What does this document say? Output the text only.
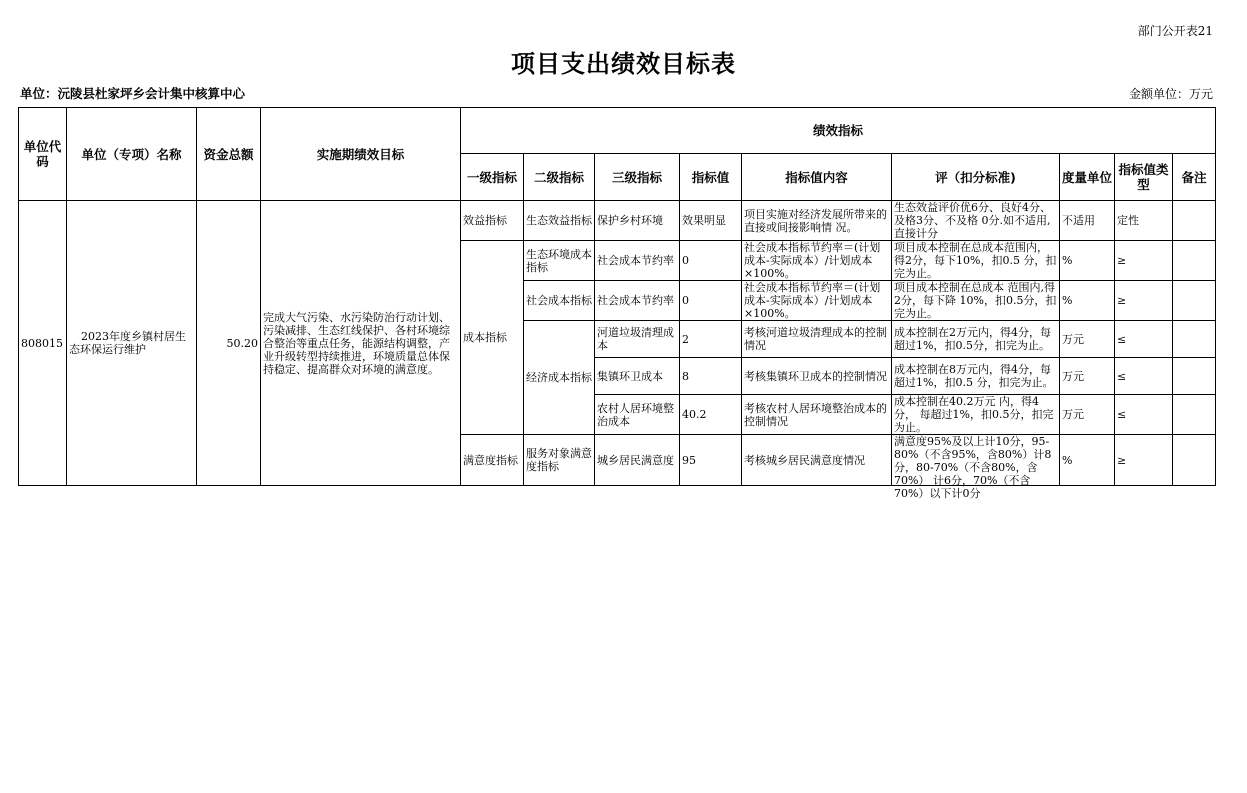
部门公开表21
项目支出绩效目标表
单位：沅陵县杜家坪乡会计集中核算中心	金额单位：万元
单位代码	单位（专项）名称	资金总额	实施期绩效目标	绩效指标								
				一级指标	二级指标	三级指标	指标值	指标值内容	评（扣分标准)	度量单位	指标值类型	备注
808015	2023年度乡镇村居生态环保运行维护	50.20	完成大气污染、水污染防治行动计划、污染减排、生态红线保护、各村环境综合整治等重点任务，能源结构调整，产业升级转型持续推进，环境质量总体保持稳定、提高群众对环境的满意度。	效益指标	生态效益指标	保护乡村环境	效果明显	项目实施对经济发展所带来的直接或间接影响情 况。	生态效益评价优6分、良好4分、及格3分、不及格 0分.如不适用,直接计分	不适用	定性	
				成本指标	生态环境成本指标	社会成本节约率	0	社会成本指标节约率＝(计划成本-实际成本）/计划成本×100%。	项目成本控制在总成本范围内，得2分，每下10%，扣0.5 分，扣完为止。	%	≥	
					社会成本指标	社会成本节约率	0	社会成本指标节约率＝(计划成本-实际成本）/计划成本×100%。	项目成本控制在总成本 范围内,得2分，每下降 10%，扣0.5分，扣完为止。	%	≥	
					经济成本指标	河道垃圾清理成本	2	考核河道垃圾清理成本的控制情况	成本控制在2万元内，得4分，每超过1%，扣0.5分，扣完为止。	万元	≤	
						集镇环卫成本	8	考核集镇环卫成本的控制情况	成本控制在8万元内，得4分，每超过1%，扣0.5 分，扣完为止。	万元	≤	
						农村人居环境整治成本	40.2	考核农村人居环境整治成本的控制情况	成本控制在40.2万元 内，得4分， 每超过1%，扣0.5分，扣完为止。	万元	≤	
				满意度指标	服务对象满意度指标	城乡居民满意度	95	考核城乡居民满意度情况	满意度95%及以上计10分，95-80%（不含95%，含80%）计8分，80-70%（不含80%，含70%） 计6分，70%（不含70%）以下计0分	%	≥	
